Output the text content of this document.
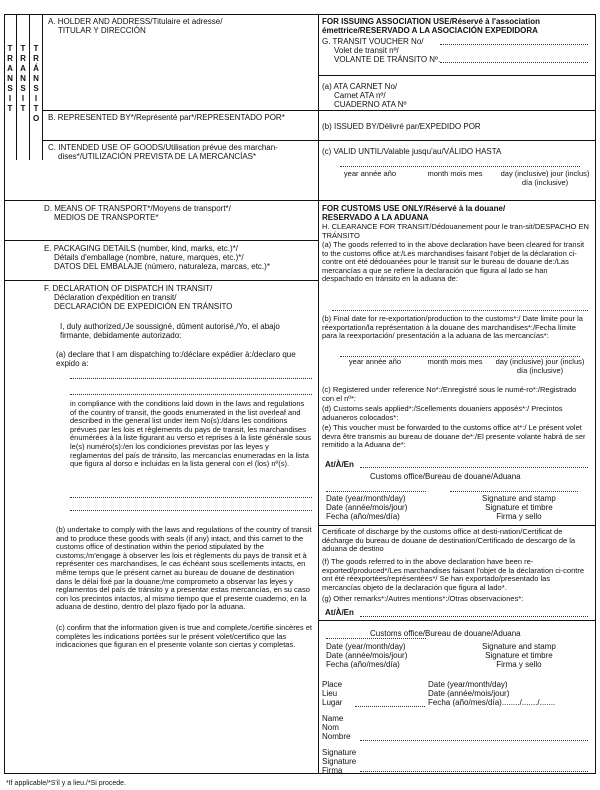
T R A N S I T
T R A N S I T
T R Á N S I T O
A. HOLDER AND ADDRESS/Titulaire et adresse/
TITULAR Y DIRECCIÓN
B. REPRESENTED BY*/Représenté par*/REPRESENTADO POR*
C. INTENDED USE OF GOODS/Utilisation prévue des marchan-
dises*/UTILIZACIÓN PREVISTA DE LA MERCANCÍAS*
D. MEANS OF TRANSPORT*/Moyens de transport*/
MEDIOS DE TRANSPORTE*
E. PACKAGING DETAILS (number, kind, marks, etc.)*/
Détails d'emballage (nombre, nature, marques, etc.)*/
DATOS DEL EMBALAJE (número, naturaleza, marcas, etc.)*
F. DECLARATION OF DISPATCH IN TRANSIT/
Déclaration d'expédition en transit/
DECLARACIÓN DE EXPEDICIÓN EN TRÁNSITO
I, duly authorized,/Je soussigné, dûment autorisé,/Yo, el abajo firmante, debidamente autorizado:
(a) declare that I am dispatching to:/déclare expédier à:/declaro que expido a:
in compliance with the conditions laid down in the laws and regulations of the country of transit, the goods enumerated in the list overleaf and described in the general list under item No(s):/dans les conditions prévues par les lois et règlements du pays de transit, les marchandises énumérées à la liste figurant au verso et reprises à la liste générale sous le(s) numéro(s):/en los condiciones previstas por las leyes y reglamentos del país de tránsito, las mercancías enumeradas en la lista que figura al dorso e incluidas en la lista general con el (los) nº(s).
(b) undertake to comply with the laws and regulations of the country of transit and to produce these goods with seals (if any) intact, and this carnet to the customs office of destination within the period stipulated by the customs;/m'engage à observer les lois et règlements du pays de transit et à représenter ces marchandises, le cas échéant sous scellements intacts, en même temps que le présent carnet au bureau de douane de destination dans le délai fixé par la douane;/me comprometo a observar las leyes y reglamentos del país de tránsito y a presentar estas mercancías, en su caso con los precintos intactos, al mismo tiempo que el presente cuaderno, en la aduana de destino, dentro del plazo fijado por la aduana.
(c) confirm that the information given is true and complete./certifie sincères et complètes les indications portées sur le présent volet/certifico que las indicaciones que figuran en el presente volante son ciertas y completas.
FOR ISSUING ASSOCIATION USE/Réservé à l'association
émettrice/RESERVADO A LA ASOCIACIÓN EXPEDIDORA
G. TRANSIT VOUCHER No/
Volet de transit nº/
VOLANTE DE TRÁNSITO Nº.
(a) ATA CARNET No/
Carnet ATA nº/
CUADERNO ATA Nº
(b) ISSUED BY/Délivré par/EXPEDIDO POR
(c) VALID UNTIL/Valable jusqu'au/VÁLIDO HASTA
year année año	month mois mes	day (inclusive) jour (inclus) día (inclusive)
FOR CUSTOMS USE ONLY/Réservé à la douane/
RESERVADO A LA ADUANA
H. CLEARANCE FOR TRANSIT/Dédouanement pour le tran-sit/DESPACHO EN TRÁNSITO
(a) The goods referred to in the above declaration have been cleared for transit to the customs office at:/Les marchandises faisant l'objet de la déclaration ci-contre ont été dédouanées pour le transit sur le bureau de douane de:/Las mercancías a que se refiere la declaración que figura al lado se han despachado en tránsito en la aduana de:
(b) Final date for re-exportation/production to the customs*:/ Date limite pour la réexportation/la représentation à la douane des marchandises*:/Fecha límite para la reexportación/ presentación a la aduana de las mercancías*:
year année año	month mois mes	day (inclusive) jour (inclus) día (inclusive)
(c) Registered under reference No*:/Enregistré sous le numé-ro*:/Registrado con el nº*:
(d) Customs seals applied*:/Scellements douaniers apposés*:/ Precintos aduaneros colocados*:
(e) This voucher must be forwarded to the customs office at*:/ Le présent volet devra être transmis au bureau de douane de*:/El presente volante habrá de ser remitido a la Aduana de*:
At/À/En
Customs office/Bureau de douane/Aduana
Date (year/month/day)
Date (année/mois/jour)
Fecha (año/mes/día)
Signature and stamp
Signature et timbre
Firma y sello
Certificate of discharge by the customs office at desti-nation/Certificat de décharge du bureau de douane de destination/Certificado de descargo de la aduana de destino
(f) The goods referred to in the above declaration have been re-exported/produced*/Les marchandises faisant l'objet de la déclaration ci-contre ont été réexportées/représentées*/ Se han exportado/presentado las mercancías objeto de la declaración que figura al lado*.
(g) Other remarks*:/Autres mentions*:/Otras observaciones*:
At/À/En
Customs office/Bureau de douane/Aduana
Date (year/month/day)
Date (année/mois/jour)
Fecha (año/mes/día)
Signature and stamp
Signature et timbre
Firma y sello
Place
Lieu
Lugar
Date (year/month/day)
Date (année/mois/jour)
Fecha (año/mes/día)......../......./.......
Name
Nom
Nombre
Signature
Signature
Firma
*If applicable/*S'il y a lieu./*Si procede.
